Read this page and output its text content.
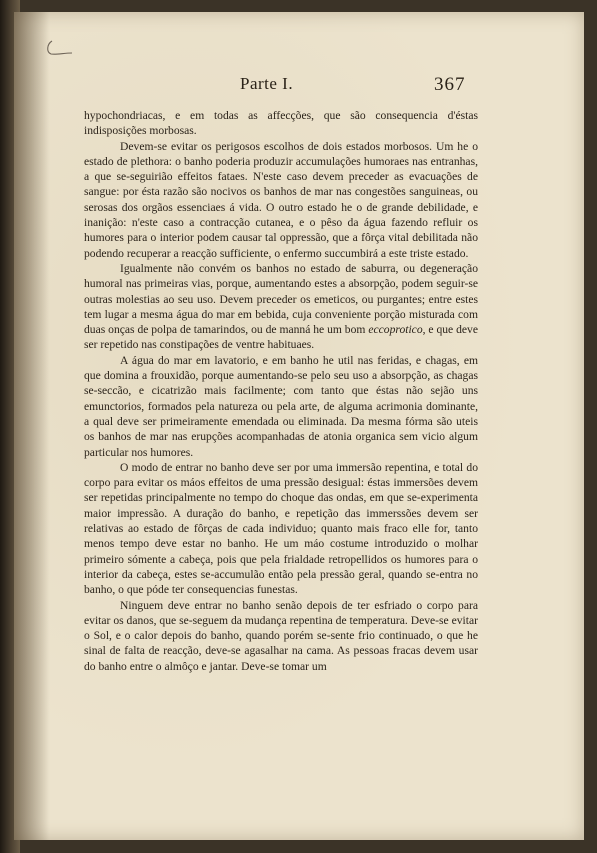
Parte I.	367

hypochondriacas, e em todas as affecções, que são consequencia d'éstas indisposições morbosas.

Devem-se evitar os perigosos escolhos de dois estados morbosos. Um he o estado de plethora: o banho poderia produzir accumulações humoraes nas entranhas, a que se-seguirião effeitos fataes. N'este caso devem preceder as evacuações de sangue: por ésta razão são nocivos os banhos de mar nas congestões sanguineas, ou serosas dos orgãos essenciaes á vida. O outro estado he o de grande debilidade, e inanição: n'este caso a contracção cutanea, e o pêso da água fazendo refluir os humores para o interior podem causar tal oppressão, que a fôrça vital debilitada não podendo recuperar a reacção sufficiente, o enfermo succumbirá a este triste estado.

Igualmente não convém os banhos no estado de saburra, ou degeneração humoral nas primeiras vias, porque, aumentando estes a absorpção, podem seguir-se outras molestias ao seu uso. Devem preceder os emeticos, ou purgantes; entre estes tem lugar a mesma água do mar em bebida, cuja conveniente porção misturada com duas onças de polpa de tamarindos, ou de manná he um bom eccoprotico, e que deve ser repetido nas constipações de ventre habituaes.

A água do mar em lavatorio, e em banho he util nas feridas, e chagas, em que domina a frouxidão, porque aumentando-se pelo seu uso a absorpção, as chagas se-seccão, e cicatrizão mais facilmente; com tanto que éstas não sejão uns emunctorios, formados pela natureza ou pela arte, de alguma acrimonia dominante, a qual deve ser primeiramente emendada ou eliminada. Da mesma fórma são uteis os banhos de mar nas erupções acompanhadas de atonia organica sem vicio algum particular nos humores.

O modo de entrar no banho deve ser por uma immersão repentina, e total do corpo para evitar os máos effeitos de uma pressão desigual: éstas immersões devem ser repetidas principalmente no tempo do choque das ondas, em que se-experimenta maior impressão. A duração do banho, e repetição das immerssões devem ser relativas ao estado de fôrças de cada individuo; quanto mais fraco elle for, tanto menos tempo deve estar no banho. He um máo costume introduzido o molhar primeiro sómente a cabeça, pois que pela frialdade retropellidos os humores para o interior da cabeça, estes se-accumulão então pela pressão geral, quando se-entra no banho, o que póde ter consequencias funestas.

Ninguem deve entrar no banho senão depois de ter esfriado o corpo para evitar os danos, que se-seguem da mudança repentina de temperatura. Deve-se evitar o Sol, e o calor depois do banho, quando porém se-sente frio continuado, o que he sinal de falta de reacção, deve-se agasalhar na cama. As pessoas fracas devem usar do banho entre o almôço e jantar. Deve-se tomar um
